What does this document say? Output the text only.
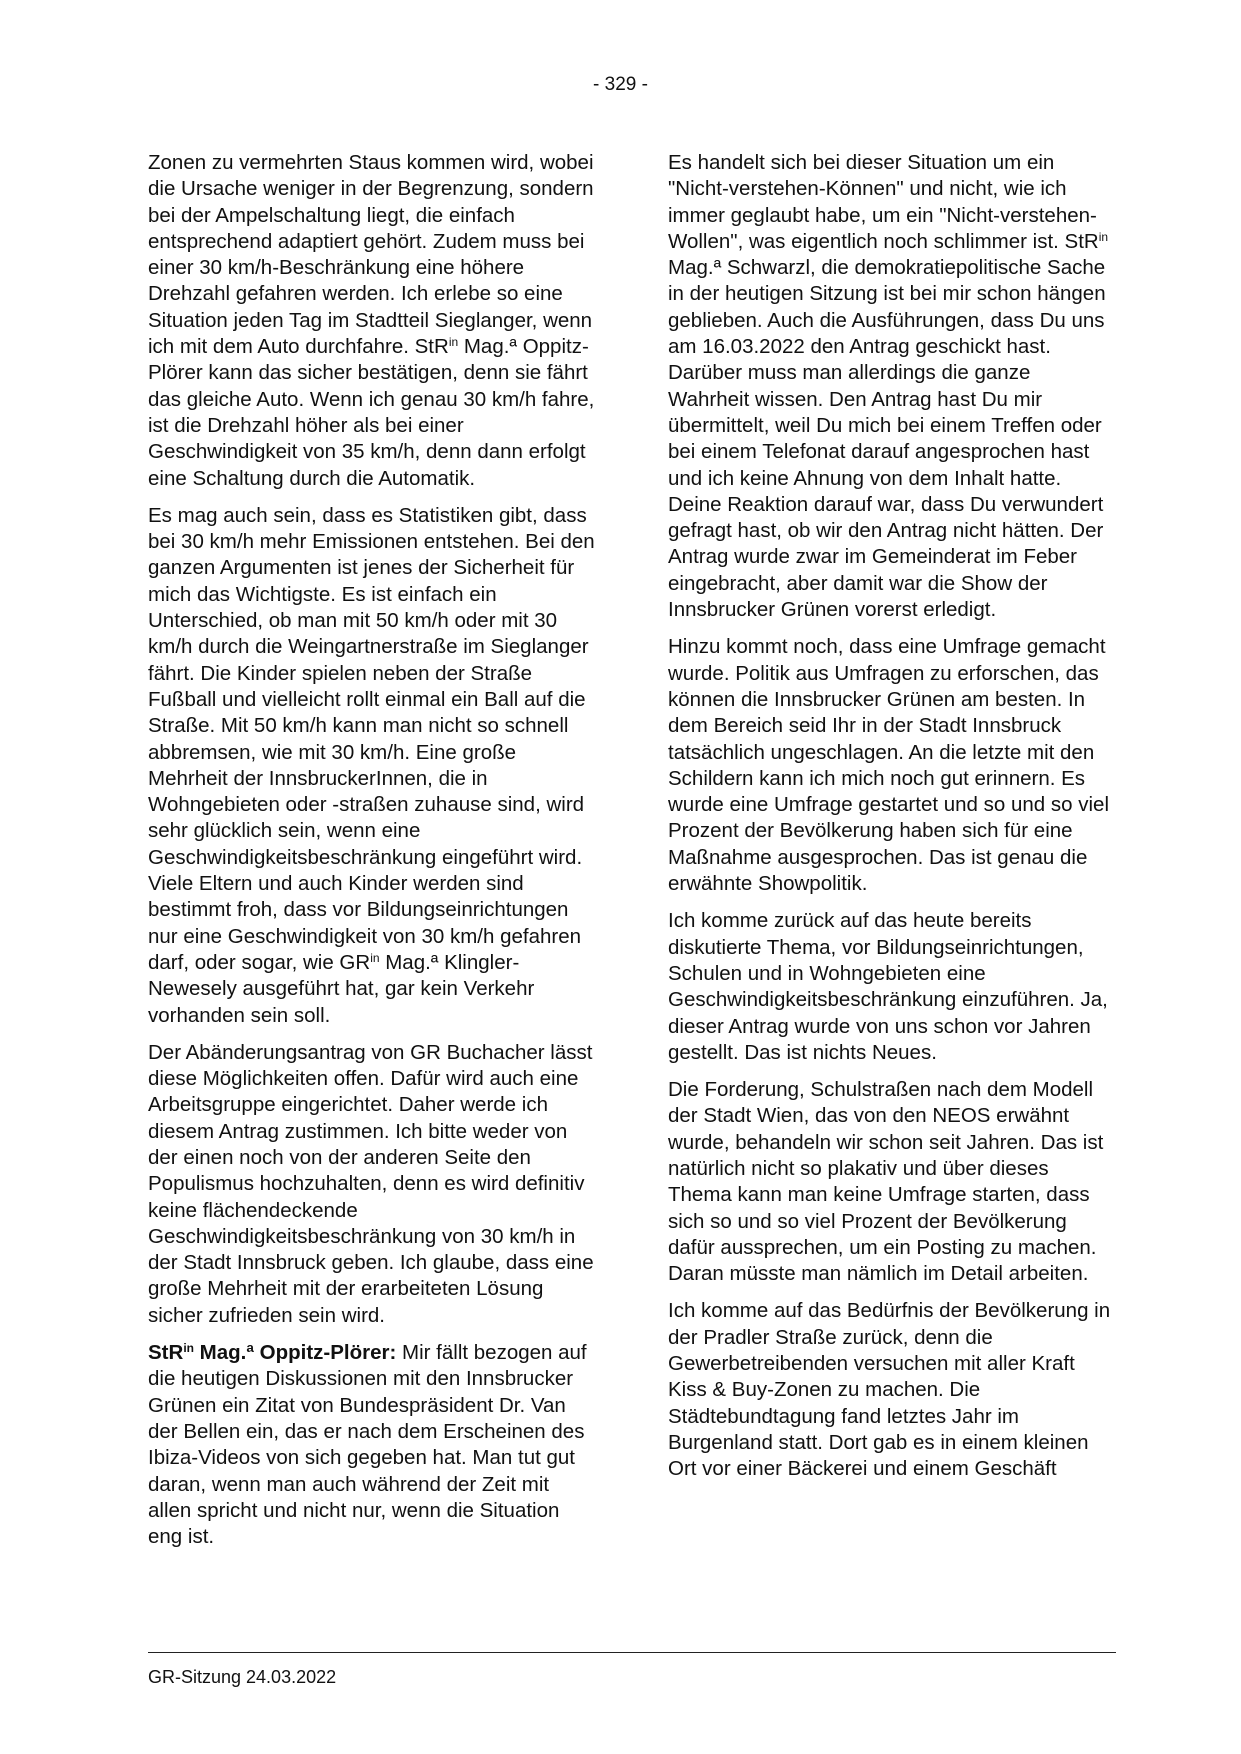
- 329 -

Zonen zu vermehrten Staus kommen wird, wobei die Ursache weniger in der Begrenzung, sondern bei der Ampelschaltung liegt, die einfach entsprechend adaptiert gehört. Zudem muss bei einer 30 km/h-Beschränkung eine höhere Drehzahl gefahren werden. Ich erlebe so eine Situation jeden Tag im Stadtteil Sieglanger, wenn ich mit dem Auto durchfahre. StR$^{in}$ Mag.ª Oppitz-Plörer kann das sicher bestätigen, denn sie fährt das gleiche Auto. Wenn ich genau 30 km/h fahre, ist die Drehzahl höher als bei einer Geschwindigkeit von 35 km/h, denn dann erfolgt eine Schaltung durch die Automatik.

Es mag auch sein, dass es Statistiken gibt, dass bei 30 km/h mehr Emissionen entstehen. Bei den ganzen Argumenten ist jenes der Sicherheit für mich das Wichtigste. Es ist einfach ein Unterschied, ob man mit 50 km/h oder mit 30 km/h durch die Weingartnerstraße im Sieglanger fährt. Die Kinder spielen neben der Straße Fußball und vielleicht rollt einmal ein Ball auf die Straße. Mit 50 km/h kann man nicht so schnell abbremsen, wie mit 30 km/h. Eine große Mehrheit der InnsbruckerInnen, die in Wohngebieten oder -straßen zuhause sind, wird sehr glücklich sein, wenn eine Geschwindigkeitsbeschränkung eingeführt wird. Viele Eltern und auch Kinder werden sind bestimmt froh, dass vor Bildungseinrichtungen nur eine Geschwindigkeit von 30 km/h gefahren darf, oder sogar, wie $GR^{in}$ Mag.ª Klingler-Newesely ausgeführt hat, gar kein Verkehr vorhanden sein soll.

Der Abänderungsantrag von GR Buchacher lässt diese Möglichkeiten offen. Dafür wird auch eine Arbeitsgruppe eingerichtet. Daher werde ich diesem Antrag zustimmen. Ich bitte weder von der einen noch von der anderen Seite den Populismus hochzuhalten, denn es wird definitiv keine flächendeckende Geschwindigkeitsbeschränkung von 30 km/h in der Stadt Innsbruck geben. Ich glaube, dass eine große Mehrheit mit der erarbeiteten Lösung sicher zufrieden sein wird.

StR$^{in}$ Mag.ª Oppitz-Plörer: Mir fällt bezogen auf die heutigen Diskussionen mit den Innsbrucker Grünen ein Zitat von Bundespräsident Dr. Van der Bellen ein, das er nach dem Erscheinen des Ibiza-Videos von sich gegeben hat. Man tut gut daran, wenn man auch während der Zeit mit allen spricht und nicht nur, wenn die Situation eng ist.

Es handelt sich bei dieser Situation um ein "Nicht-verstehen-Können" und nicht, wie ich immer geglaubt habe, um ein "Nicht-verstehen-Wollen", was eigentlich noch schlimmer ist. StR$^{in}$ Mag.ª Schwarzl, die demokratiepolitische Sache in der heutigen Sitzung ist bei mir schon hängen geblieben. Auch die Ausführungen, dass Du uns am 16.03.2022 den Antrag geschickt hast. Darüber muss man allerdings die ganze Wahrheit wissen. Den Antrag hast Du mir übermittelt, weil Du mich bei einem Treffen oder bei einem Telefonat darauf angesprochen hast und ich keine Ahnung von dem Inhalt hatte. Deine Reaktion darauf war, dass Du verwundert gefragt hast, ob wir den Antrag nicht hätten. Der Antrag wurde zwar im Gemeinderat im Feber eingebracht, aber damit war die Show der Innsbrucker Grünen vorerst erledigt.

Hinzu kommt noch, dass eine Umfrage gemacht wurde. Politik aus Umfragen zu erforschen, das können die Innsbrucker Grünen am besten. In dem Bereich seid Ihr in der Stadt Innsbruck tatsächlich ungeschlagen. An die letzte mit den Schildern kann ich mich noch gut erinnern. Es wurde eine Umfrage gestartet und so und so viel Prozent der Bevölkerung haben sich für eine Maßnahme ausgesprochen. Das ist genau die erwähnte Showpolitik.

Ich komme zurück auf das heute bereits diskutierte Thema, vor Bildungseinrichtungen, Schulen und in Wohngebieten eine Geschwindigkeitsbeschränkung einzuführen. Ja, dieser Antrag wurde von uns schon vor Jahren gestellt. Das ist nichts Neues.

Die Forderung, Schulstraßen nach dem Modell der Stadt Wien, das von den NEOS erwähnt wurde, behandeln wir schon seit Jahren. Das ist natürlich nicht so plakativ und über dieses Thema kann man keine Umfrage starten, dass sich so und so viel Prozent der Bevölkerung dafür aussprechen, um ein Posting zu machen. Daran müsste man nämlich im Detail arbeiten.

Ich komme auf das Bedürfnis der Bevölkerung in der Pradler Straße zurück, denn die Gewerbetreibenden versuchen mit aller Kraft Kiss & Buy-Zonen zu machen. Die Städtebundtagung fand letztes Jahr im Burgenland statt. Dort gab es in einem kleinen Ort vor einer Bäckerei und einem Geschäft

GR-Sitzung 24.03.2022
